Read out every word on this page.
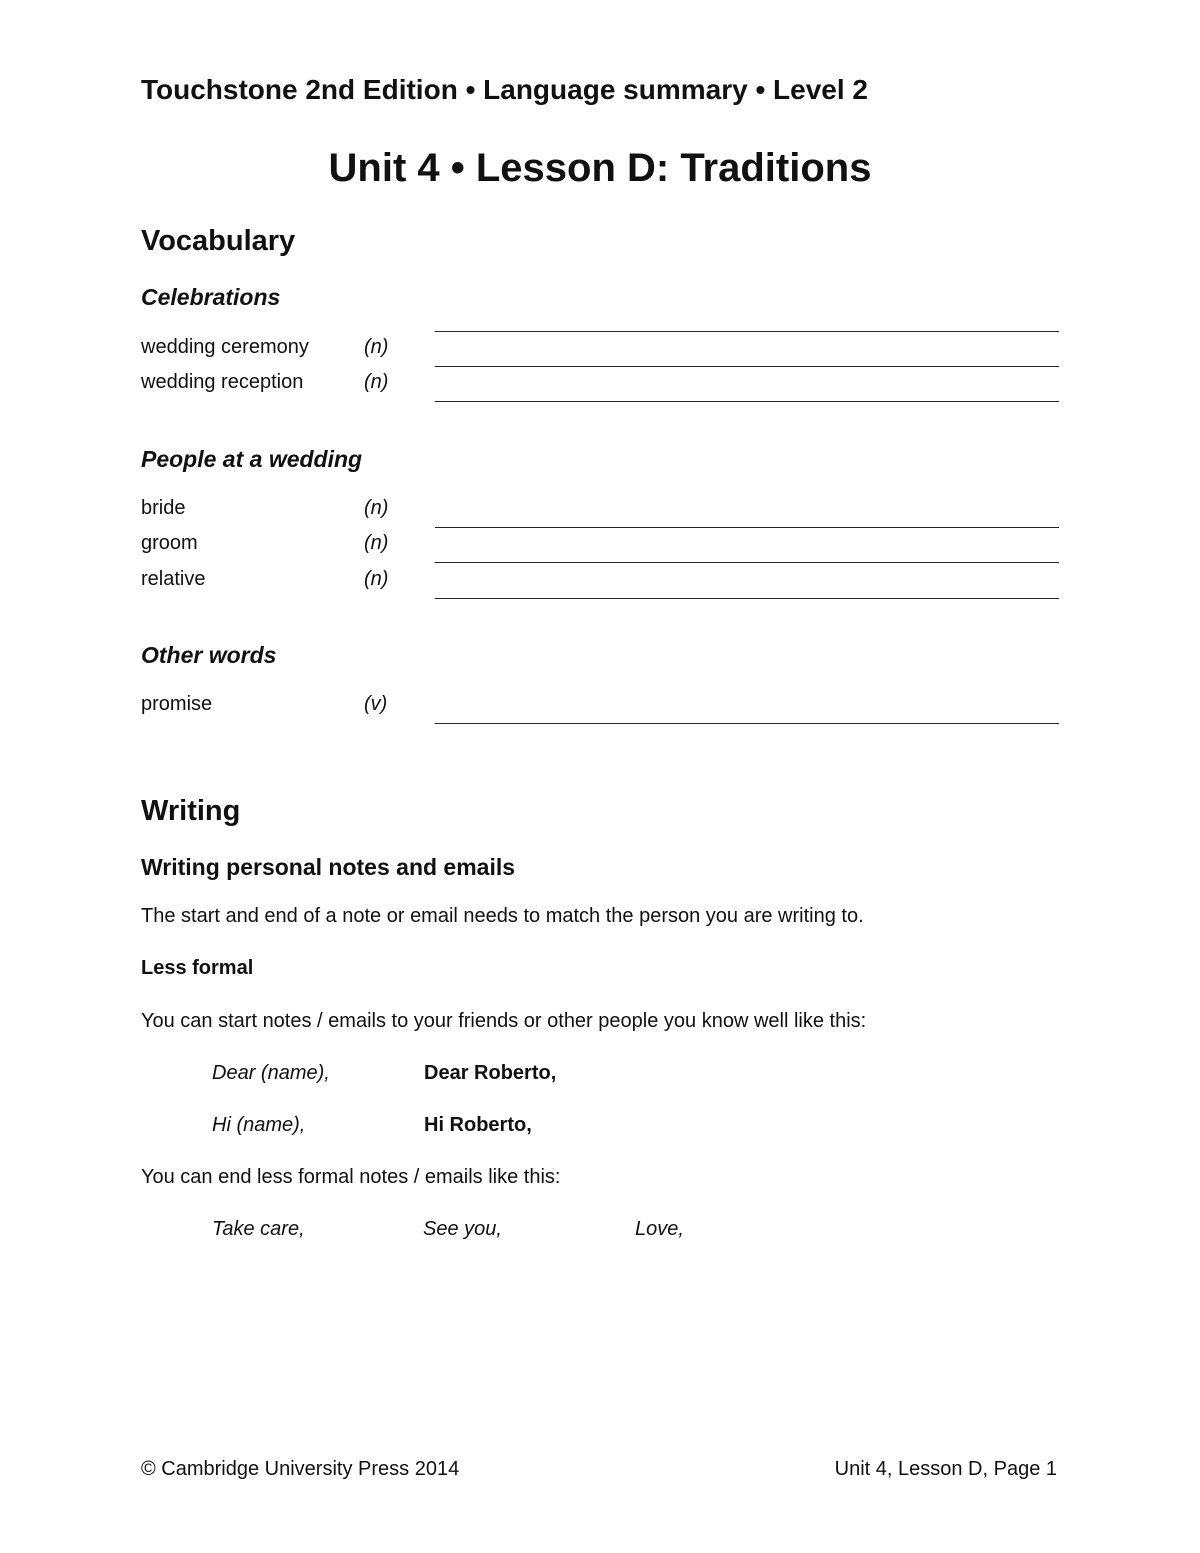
Touchstone 2nd Edition • Language summary • Level 2
Unit 4 • Lesson D: Traditions
Vocabulary
Celebrations
wedding ceremony	(n)
wedding reception	(n)
People at a wedding
bride	(n)
groom	(n)
relative	(n)
Other words
promise	(v)
Writing
Writing personal notes and emails
The start and end of a note or email needs to match the person you are writing to.
Less formal
You can start notes / emails to your friends or other people you know well like this:
Dear (name),	Dear Roberto,
Hi (name),	Hi Roberto,
You can end less formal notes / emails like this:
Take care,	See you,	Love,
© Cambridge University Press 2014	Unit 4, Lesson D, Page 1
